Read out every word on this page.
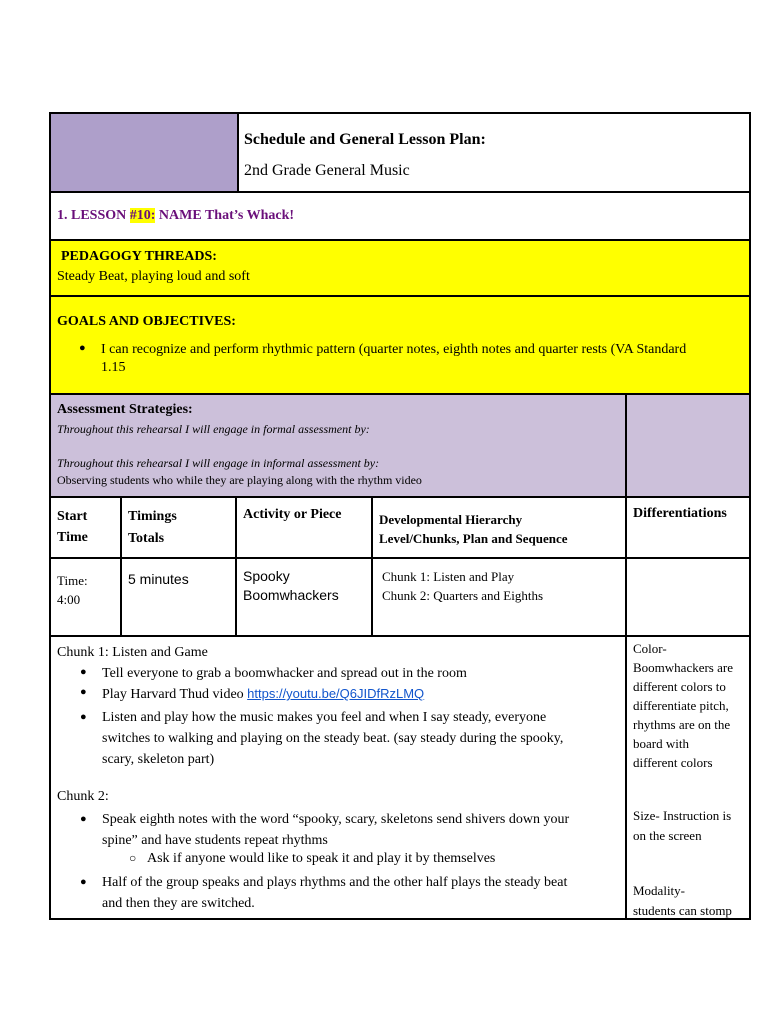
Schedule and General Lesson Plan:
2nd Grade General Music
1. LESSON #10: NAME That’s Whack!
PEDAGOGY THREADS:
Steady Beat, playing loud and soft
GOALS AND OBJECTIVES:
● I can recognize and perform rhythmic pattern (quarter notes, eighth notes and quarter rests (VA Standard
1.15
Assessment Strategies:
Throughout this rehearsal I will engage in formal assessment by:
Throughout this rehearsal I will engage in informal assessment by:
Observing students who while they are playing along with the rhythm video
Start
Time
Timings
Totals
Activity or Piece	Developmental Hierarchy
Level/Chunks, Plan and Sequence
Differentiations
Time:
4:00
5 minutes	Spooky
Boomwhackers
Chunk 1: Listen and Play
Chunk 2: Quarters and Eighths
Chunk 1: Listen and Game
● Tell everyone to grab a boomwhacker and spread out in the room
● Play Harvard Thud video https://youtu.be/Q6JIDfRzLMQ
● Listen and play how the music makes you feel and when I say steady, everyone
switches to walking and playing on the steady beat. (say steady during the spooky,
scary, skeleton part)
Chunk 2:
● Speak eighth notes with the word “spooky, scary, skeletons send shivers down your
spine” and have students repeat rhythms
○ Ask if anyone would like to speak it and play it by themselves
● Half of the group speaks and plays rhythms and the other half plays the steady beat
and then they are switched.
Color-
Boomwhackers are
different colors to
differentiate pitch,
rhythms are on the
board with
different colors
Size- Instruction is
on the screen
Modality-
students can stomp
